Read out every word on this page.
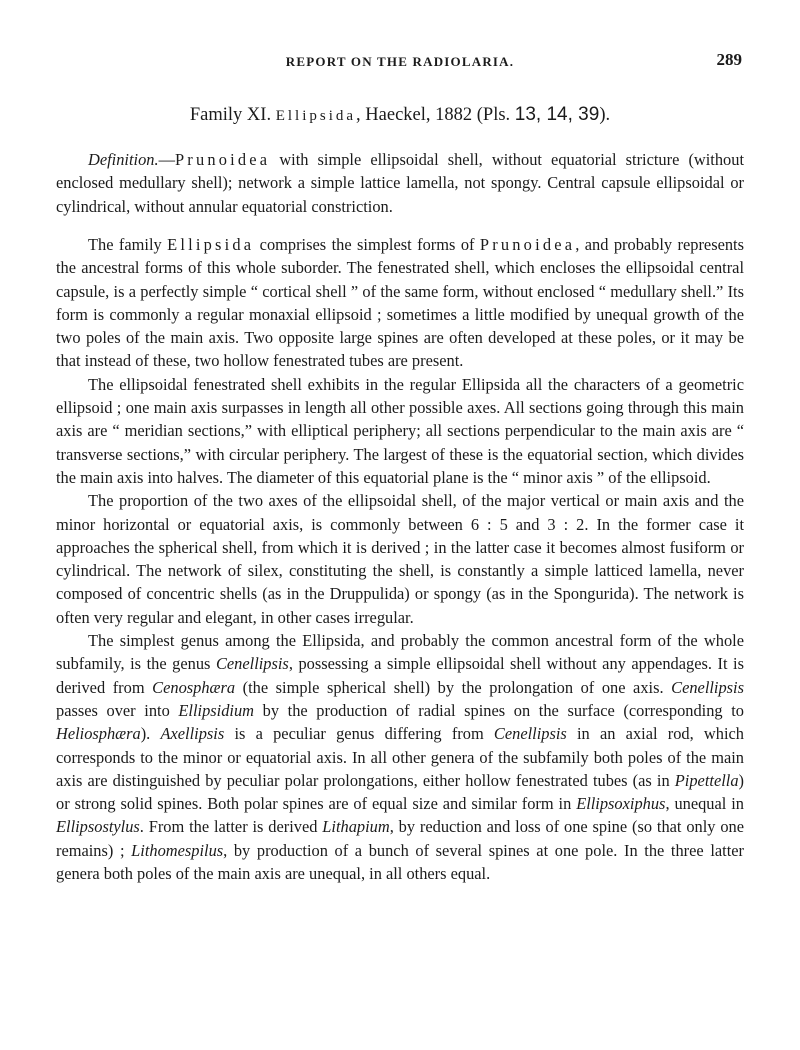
REPORT ON THE RADIOLARIA.	289
Family XI. Ellipsida, Haeckel, 1882 (Pls. 13, 14, 39).

Definition.—Prunoidea with simple ellipsoidal shell, without equatorial stricture (without enclosed medullary shell); network a simple lattice lamella, not spongy. Central capsule ellipsoidal or cylindrical, without annular equatorial constriction.

The family Ellipsida comprises the simplest forms of Prunoidea, and probably represents the ancestral forms of this whole suborder. The fenestrated shell, which encloses the ellipsoidal central capsule, is a perfectly simple “ cortical shell ” of the same form, without enclosed “ medullary shell.” Its form is commonly a regular monaxial ellipsoid ; sometimes a little modified by unequal growth of the two poles of the main axis. Two opposite large spines are often developed at these poles, or it may be that instead of these, two hollow fenestrated tubes are present.

The ellipsoidal fenestrated shell exhibits in the regular Ellipsida all the characters of a geometric ellipsoid ; one main axis surpasses in length all other possible axes. All sections going through this main axis are “ meridian sections,” with elliptical periphery; all sections perpendicular to the main axis are “ transverse sections,” with circular periphery. The largest of these is the equatorial section, which divides the main axis into halves. The diameter of this equatorial plane is the “ minor axis ” of the ellipsoid.

The proportion of the two axes of the ellipsoidal shell, of the major vertical or main axis and the minor horizontal or equatorial axis, is commonly between 6 : 5 and 3 : 2. In the former case it approaches the spherical shell, from which it is derived ; in the latter case it becomes almost fusiform or cylindrical. The network of silex, constituting the shell, is constantly a simple latticed lamella, never composed of concentric shells (as in the Druppulida) or spongy (as in the Spongurida). The network is often very regular and elegant, in other cases irregular.

The simplest genus among the Ellipsida, and probably the common ancestral form of the whole subfamily, is the genus Cenellipsis, possessing a simple ellipsoidal shell without any appendages. It is derived from Cenosphæra (the simple spherical shell) by the prolongation of one axis. Cenellipsis passes over into Ellipsidium by the production of radial spines on the surface (corresponding to Heliosphæra). Axellipsis is a peculiar genus differing from Cenellipsis in an axial rod, which corresponds to the minor or equatorial axis. In all other genera of the subfamily both poles of the main axis are distinguished by peculiar polar prolongations, either hollow fenestrated tubes (as in Pipettella) or strong solid spines. Both polar spines are of equal size and similar form in Ellipsoxiphus, unequal in Ellipsostylus. From the latter is derived Lithapium, by reduction and loss of one spine (so that only one remains) ; Lithomespilus, by production of a bunch of several spines at one pole. In the three latter genera both poles of the main axis are unequal, in all others equal.
